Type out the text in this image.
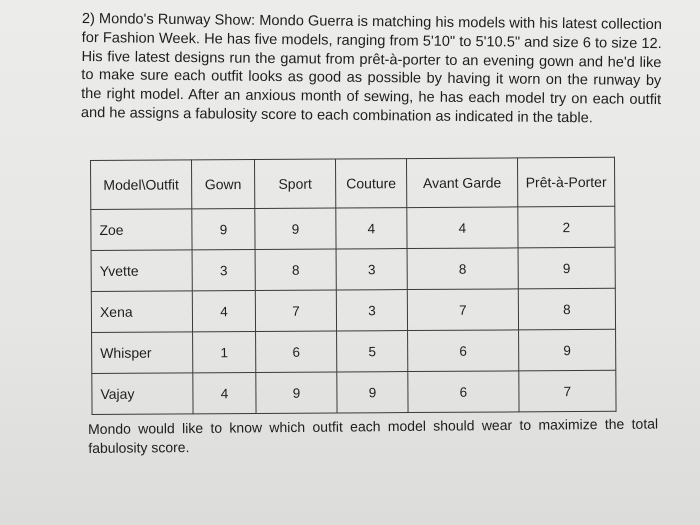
2) Mondo's Runway Show: Mondo Guerra is matching his models with his latest collection for Fashion Week. He has five models, ranging from 5'10" to 5'10.5" and size 6 to size 12. His five latest designs run the gamut from prêt-à-porter to an evening gown and he'd like to make sure each outfit looks as good as possible by having it worn on the runway by the right model. After an anxious month of sewing, he has each model try on each outfit and he assigns a fabulosity score to each combination as indicated in the table.

Model\Outfit	Gown	Sport	Couture	Avant Garde	Prêt-à-Porter
Zoe	9	9	4	4	2
Yvette	3	8	3	8	9
Xena	4	7	3	7	8
Whisper	1	6	5	6	9
Vajay	4	9	9	6	7

Mondo would like to know which outfit each model should wear to maximize the total fabulosity score.
